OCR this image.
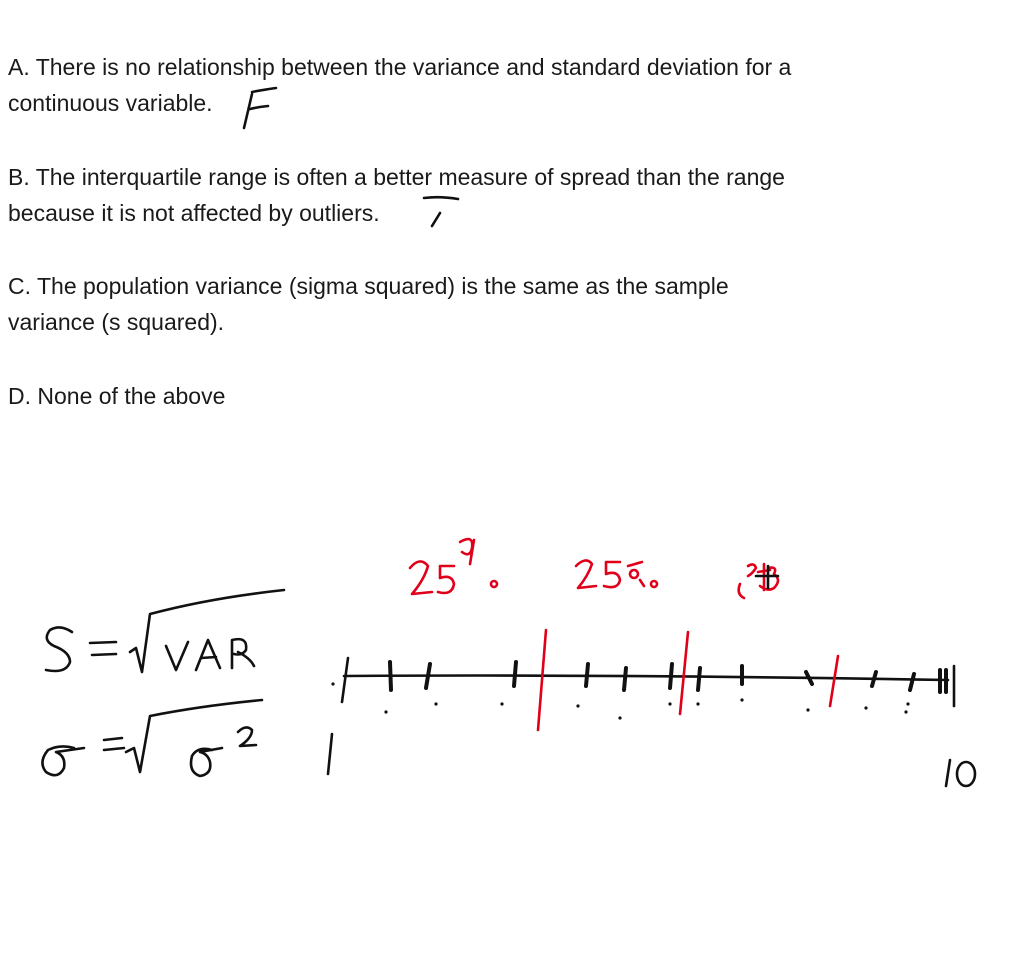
A. There is no relationship between the variance and standard deviation for a
continuous variable.

B. The interquartile range is often a better measure of spread than the range
because it is not affected by outliers.

C. The population variance (sigma squared) is the same as the sample
variance (s squared).

D. None of the above
